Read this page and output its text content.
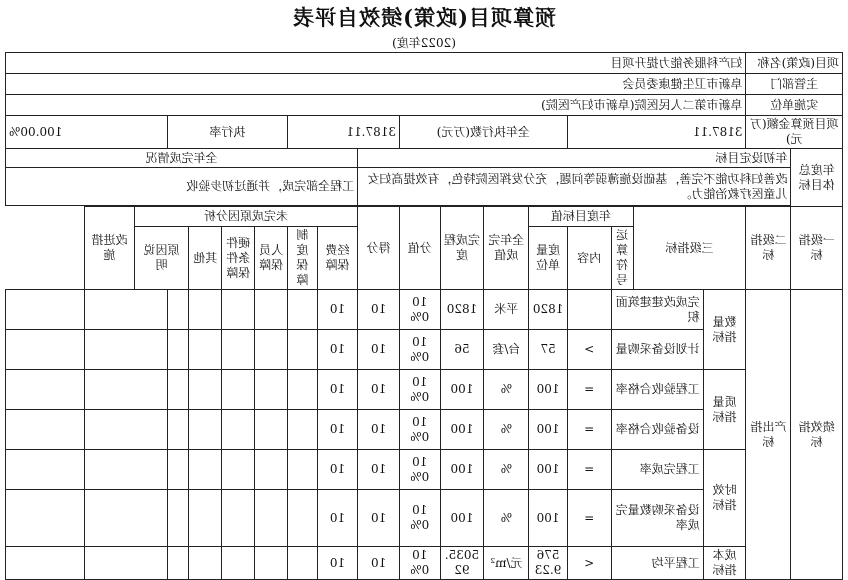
预算项目(政策)绩效自评表
(2022年度)
项目(政策)名称		妇产科服务能力提升项目																	
主管部门		阜新市卫生健康委员会																	
实施单位		阜新市第二人民医院(阜新市妇产医院)																	
项目预算金额(万元)		3187.11				全年执行数(万元)				3187.11			执行率				100.00%		
年度总体目标	年初设定目标										全年完成情况								
	改善妇科功能不完善，基础设施薄弱等问题，充分发挥医院特色，有效提高妇女儿童医疗救治能力。										工程全部完成，并通过初步验收								

一级指标	二级指标	三级指标		年度目标值			全年完成值	完成程度	分值	得分	未完成原因分析							改进措施	
				运算符号	内容	度量单位					经费保障	制度保障	人员保障	硬件条件保障	其他	原因说明			
绩效指标	产出指标	数量指标	完成改建建筑面积			1820	平米	1820	100%	10	10								
			计划设备采购量		>	57	台/套	56	100%	10	10								
		质量指标	工程验收合格率		=	100	%	100	100%	10	10								
			设备验收合格率		=	100	%	100	100%	10	10								
		时效指标	工程完成率		=	100	%	100	100%	10	10								
			设备采购数量完成率		=	100	%	100	100%	10	10								
		成本指标	工程平均		<	5769.23	元/m²	5035.92	100%	10	10								
